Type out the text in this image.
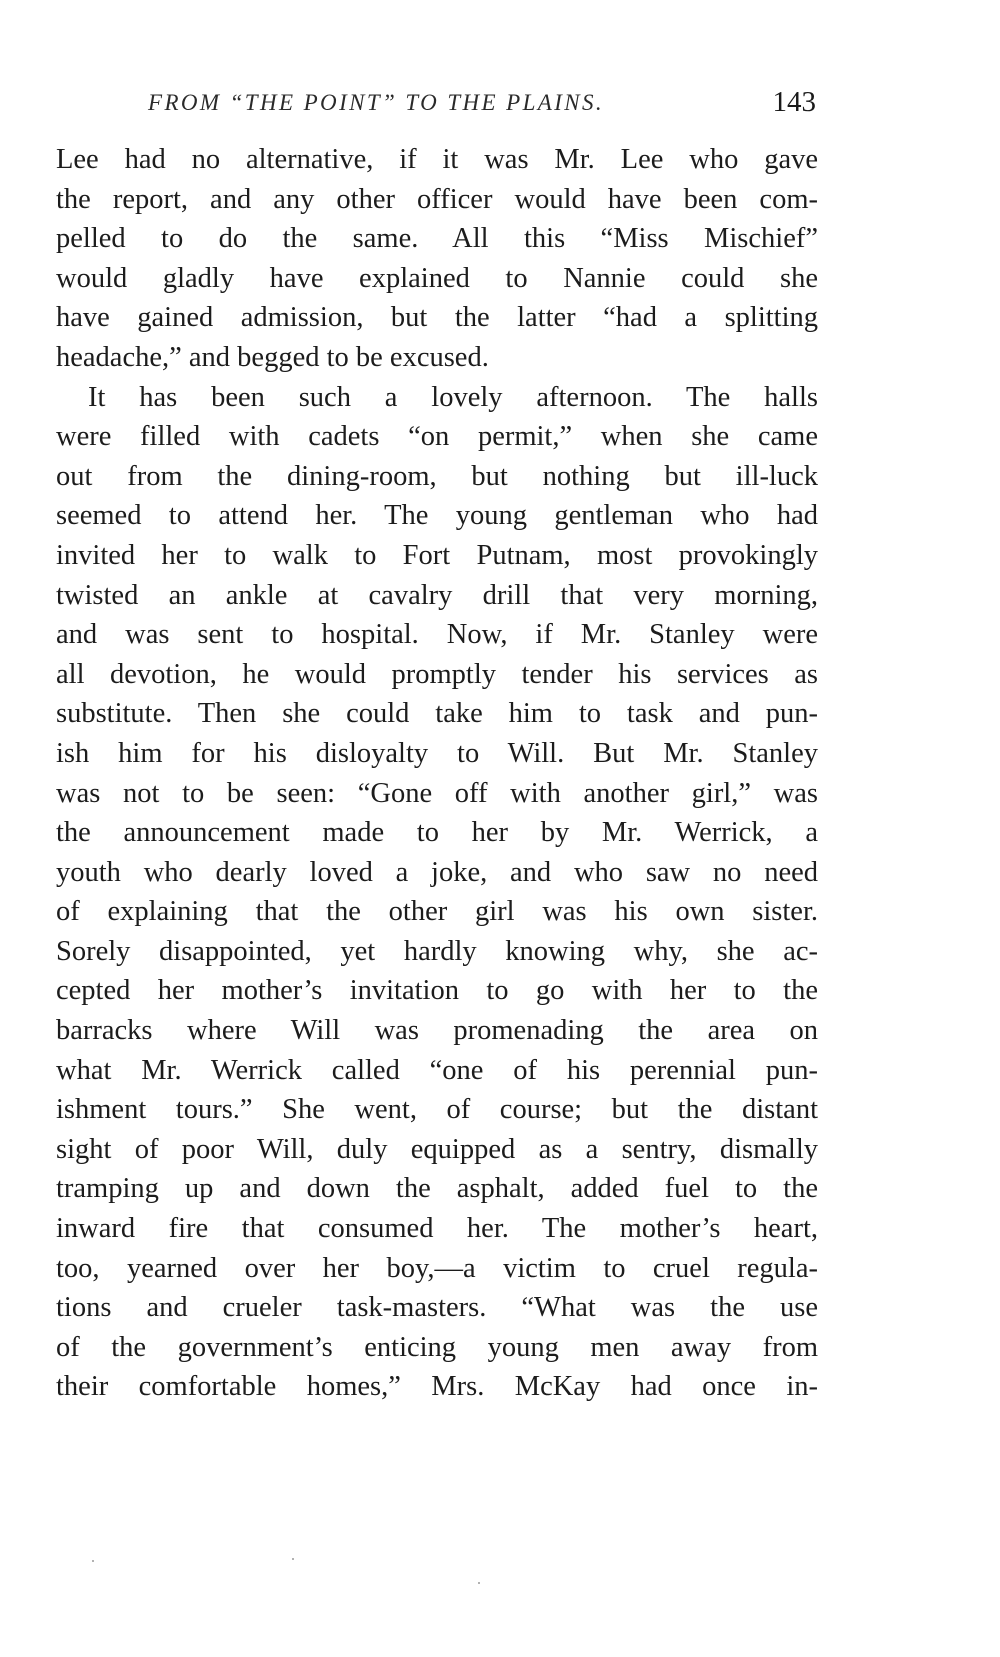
FROM “THE POINT” TO THE PLAINS.	143
Lee had no alternative, if it was Mr. Lee who gave
the report, and any other officer would have been com-
pelled to do the same. All this “Miss Mischief”
would gladly have explained to Nannie could she
have gained admission, but the latter “had a splitting
headache,” and begged to be excused.
It has been such a lovely afternoon. The halls
were filled with cadets “on permit,” when she came
out from the dining-room, but nothing but ill-luck
seemed to attend her. The young gentleman who had
invited her to walk to Fort Putnam, most provokingly
twisted an ankle at cavalry drill that very morning,
and was sent to hospital. Now, if Mr. Stanley were
all devotion, he would promptly tender his services as
substitute. Then she could take him to task and pun-
ish him for his disloyalty to Will. But Mr. Stanley
was not to be seen: “Gone off with another girl,” was
the announcement made to her by Mr. Werrick, a
youth who dearly loved a joke, and who saw no need
of explaining that the other girl was his own sister.
Sorely disappointed, yet hardly knowing why, she ac-
cepted her mother’s invitation to go with her to the
barracks where Will was promenading the area on
what Mr. Werrick called “one of his perennial pun-
ishment tours.” She went, of course; but the distant
sight of poor Will, duly equipped as a sentry, dismally
tramping up and down the asphalt, added fuel to the
inward fire that consumed her. The mother’s heart,
too, yearned over her boy,—a victim to cruel regula-
tions and crueler task-masters. “What was the use
of the government’s enticing young men away from
their comfortable homes,” Mrs. McKay had once in-
